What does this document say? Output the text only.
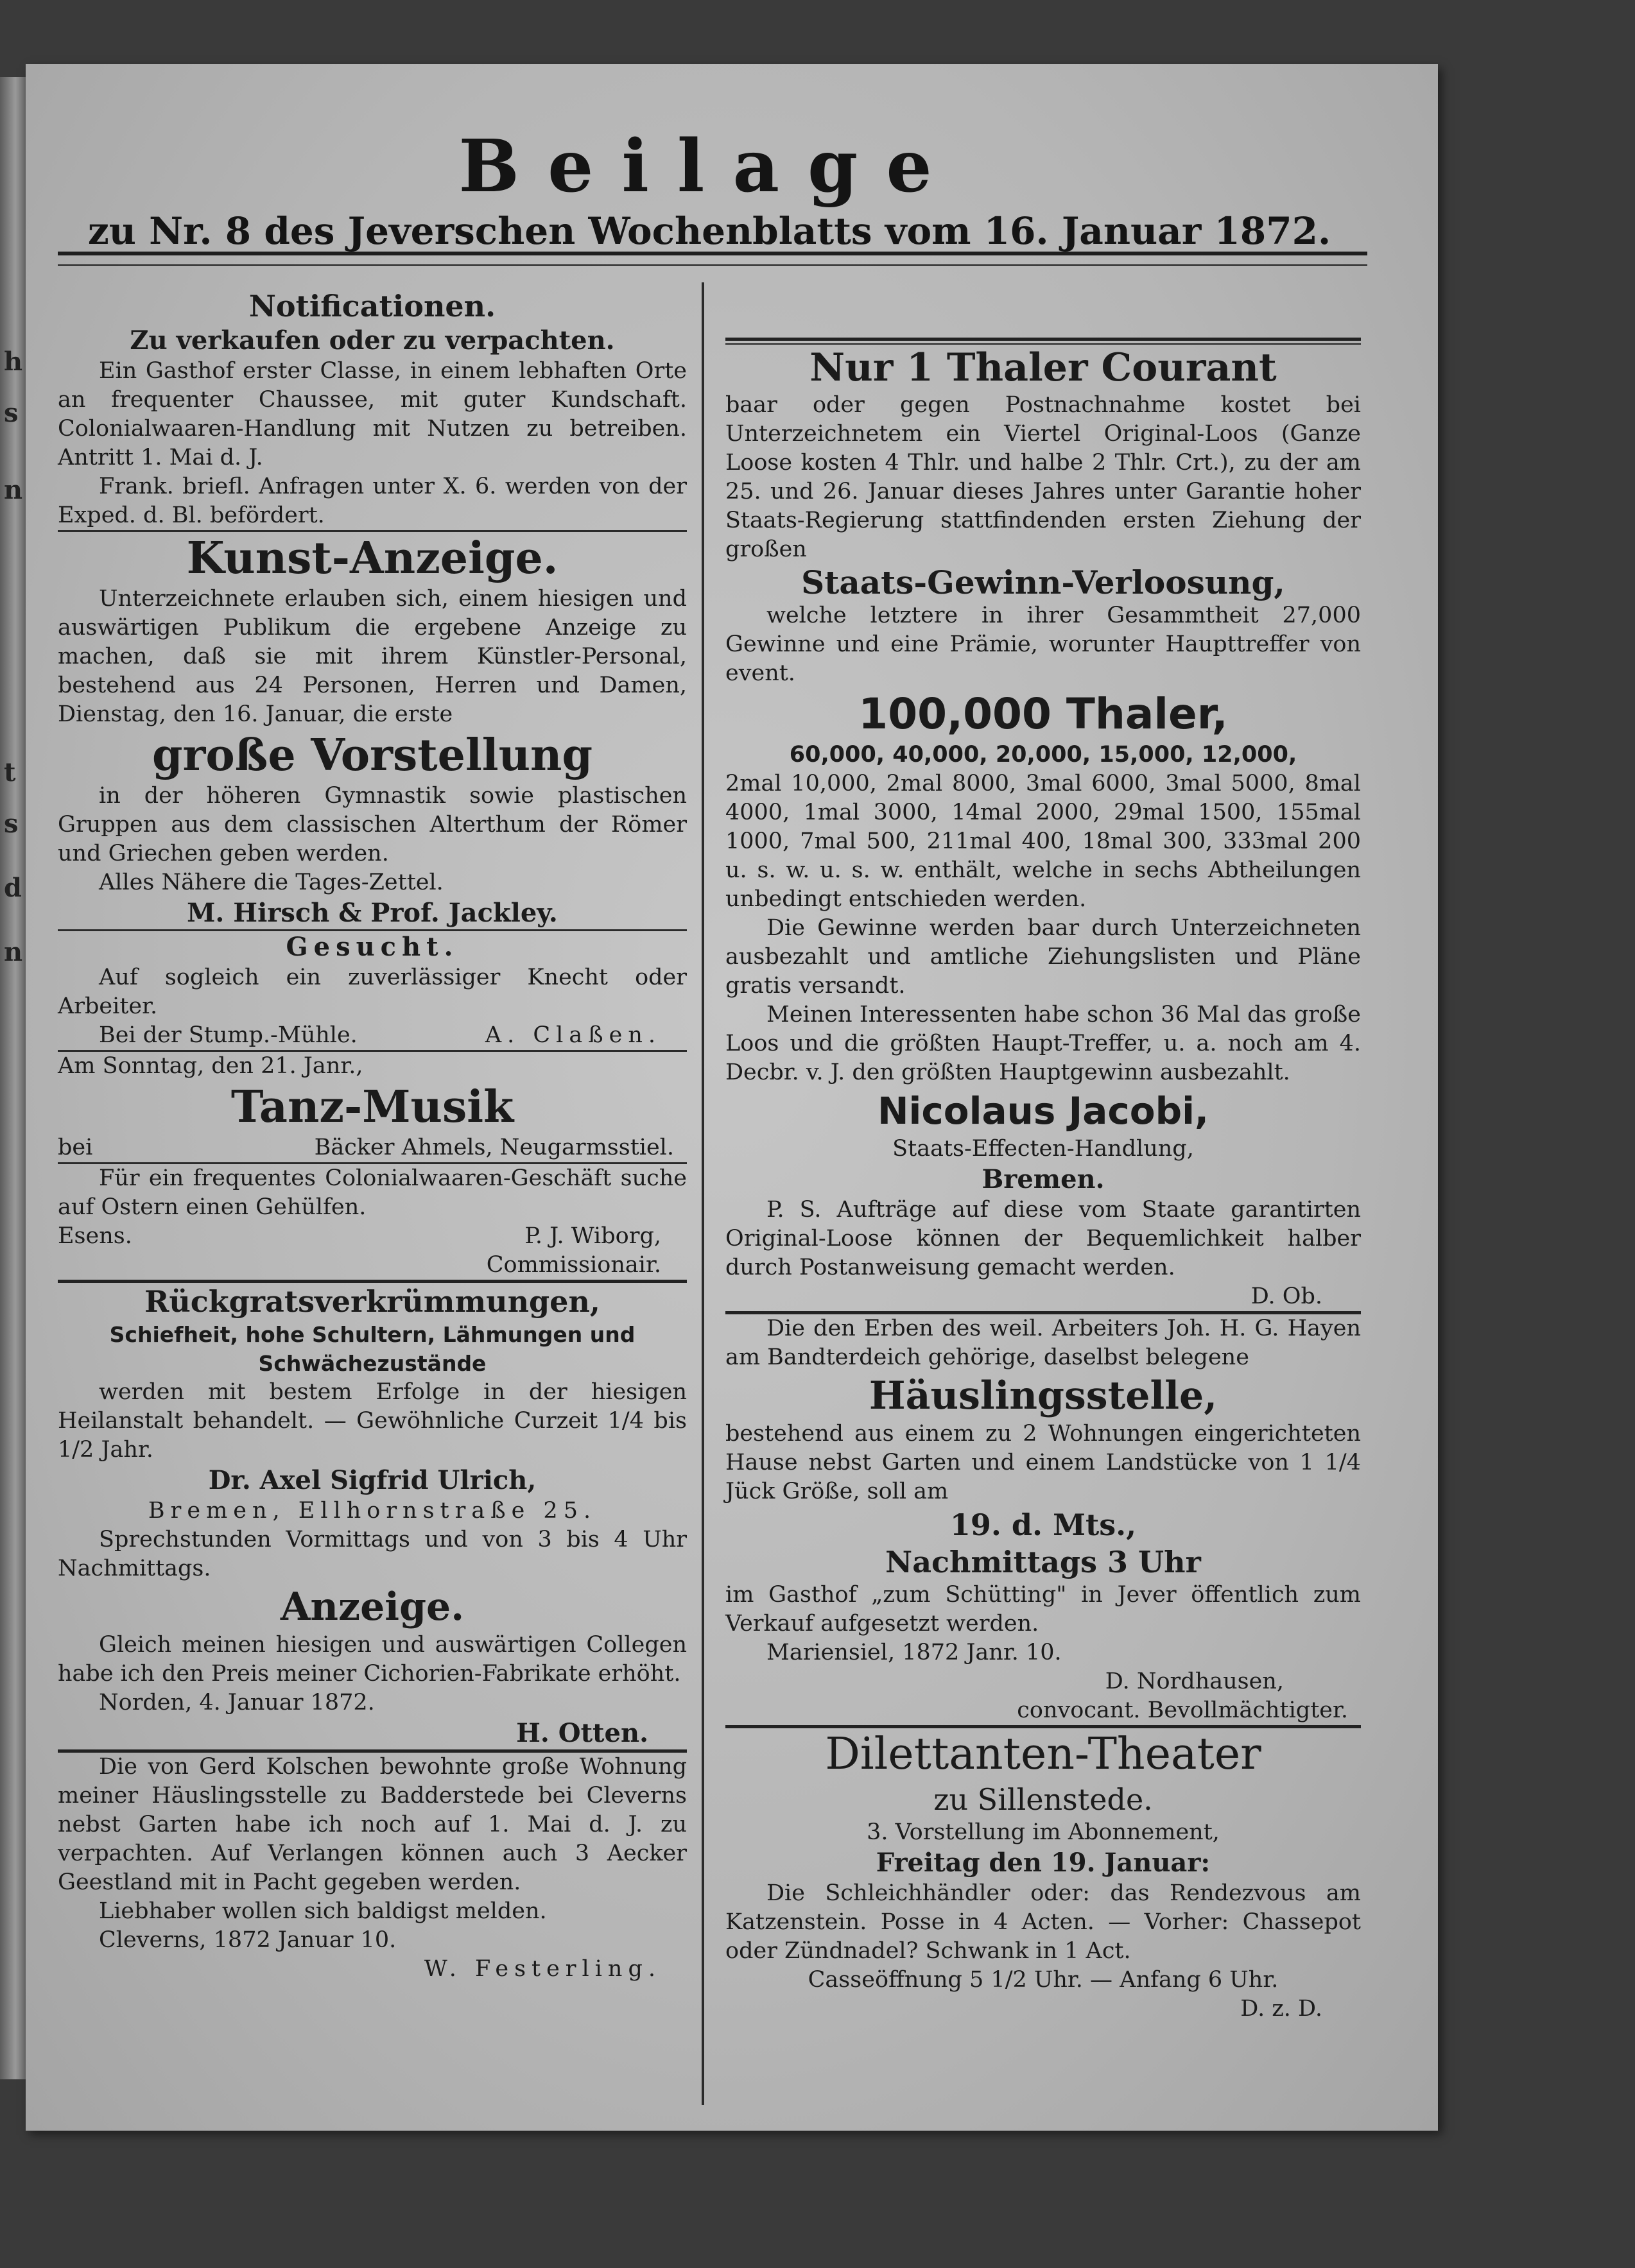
h
s
n
t
s
d
n
Beilage
zu Nr. 8 des Jeverschen Wochenblatts vom 16. Januar 1872.
Notificationen.
Zu verkaufen oder zu verpachten.

Ein Gasthof erster Classe, in einem lebhaften Orte an frequenter Chaussee, mit guter Kundschaft. Colonialwaaren-Handlung mit Nutzen zu betreiben. Antritt 1. Mai d. J.

Frank. briefl. Anfragen unter X. 6. werden von der Exped. d. Bl. befördert.

Kunst-Anzeige.

Unterzeichnete erlauben sich, einem hiesigen und auswärtigen Publikum die ergebene Anzeige zu machen, daß sie mit ihrem Künstler-Personal, bestehend aus 24 Personen, Herren und Damen, Dienstag, den 16. Januar, die erste

große Vorstellung

in der höheren Gymnastik sowie plastischen Gruppen aus dem classischen Alterthum der Römer und Griechen geben werden.

Alles Nähere die Tages-Zettel.

M. Hirsch & Prof. Jackley.
Gesucht.

Auf sogleich ein zuverlässiger Knecht oder Arbeiter.

Bei der Stump.-Mühle.	A. Claßen.

Am Sonntag, den 21. Janr.,

Tanz-Musik
bei	Bäcker Ahmels, Neugarmsstiel.

Für ein frequentes Colonialwaaren-Geschäft suche auf Ostern einen Gehülfen.

Esens.	P. J. Wiborg,

Commissionair.

Rückgratsverkrümmungen,

Schiefheit, hohe Schultern, Lähmungen und

Schwächezustände

werden mit bestem Erfolge in der hiesigen Heilanstalt behandelt. — Gewöhnliche Curzeit 1/4 bis 1/2 Jahr.

Dr. Axel Sigfrid Ulrich,

Bremen, Ellhornstraße 25.

Sprechstunden Vormittags und von 3 bis 4 Uhr Nachmittags.

Anzeige.

Gleich meinen hiesigen und auswärtigen Collegen habe ich den Preis meiner Cichorien-Fabrikate erhöht.

Norden, 4. Januar 1872.

H. Otten.

Die von Gerd Kolschen bewohnte große Wohnung meiner Häuslingsstelle zu Badderstede bei Cleverns nebst Garten habe ich noch auf 1. Mai d. J. zu verpachten. Auf Verlangen können auch 3 Aecker Geestland mit in Pacht gegeben werden.

Liebhaber wollen sich baldigst melden.

Cleverns, 1872 Januar 10.

W. Festerling.

Nur 1 Thaler Courant

baar oder gegen Postnachnahme kostet bei Unterzeichnetem ein Viertel Original-Loos (Ganze Loose kosten 4 Thlr. und halbe 2 Thlr. Crt.), zu der am 25. und 26. Januar dieses Jahres unter Garantie hoher Staats-Regierung stattfindenden ersten Ziehung der großen

Staats-Gewinn-Verloosung,

welche letztere in ihrer Gesammtheit 27,000 Gewinne und eine Prämie, worunter Haupttreffer von event.

100,000 Thaler,

60,000, 40,000, 20,000, 15,000, 12,000,

2mal 10,000, 2mal 8000, 3mal 6000, 3mal 5000, 8mal 4000, 1mal 3000, 14mal 2000, 29mal 1500, 155mal 1000, 7mal 500, 211mal 400, 18mal 300, 333mal 200 u. s. w. u. s. w. enthält, welche in sechs Abtheilungen unbedingt entschieden werden.

Die Gewinne werden baar durch Unterzeichneten ausbezahlt und amtliche Ziehungslisten und Pläne gratis versandt.

Meinen Interessenten habe schon 36 Mal das große Loos und die größten Haupt-Treffer, u. a. noch am 4. Decbr. v. J. den größten Hauptgewinn ausbezahlt.

Nicolaus Jacobi,

Staats-Effecten-Handlung,

Bremen.

P. S. Aufträge auf diese vom Staate garantirten Original-Loose können der Bequemlichkeit halber durch Postanweisung gemacht werden.

D. Ob.

Die den Erben des weil. Arbeiters Joh. H. G. Hayen am Bandterdeich gehörige, daselbst belegene

Häuslingsstelle,

bestehend aus einem zu 2 Wohnungen eingerichteten Hause nebst Garten und einem Landstücke von 1 1/4 Jück Größe, soll am

19. d. Mts.,
Nachmittags 3 Uhr

im Gasthof „zum Schütting" in Jever öffentlich zum Verkauf aufgesetzt werden.

Mariensiel, 1872 Janr. 10.

D. Nordhausen,

convocant. Bevollmächtigter.

Dilettanten-Theater
zu Sillenstede.

3. Vorstellung im Abonnement,

Freitag den 19. Januar:

Die Schleichhändler oder: das Rendezvous am Katzenstein. Posse in 4 Acten. — Vorher: Chassepot oder Zündnadel? Schwank in 1 Act.

Casseöffnung 5 1/2 Uhr. — Anfang 6 Uhr.

D. z. D.
